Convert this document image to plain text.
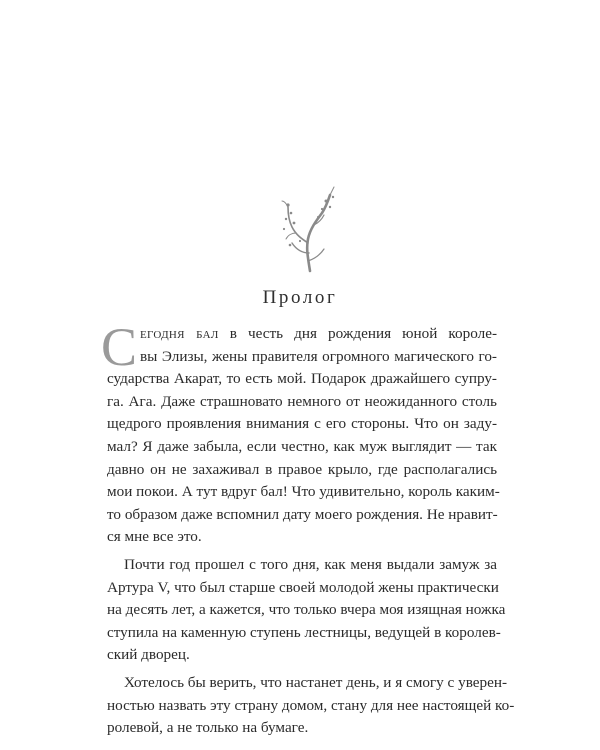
Пролог
С егодня бал в честь дня рождения юной короле-
вы Элизы, жены правителя огромного магического го-
сударства Акарат, то есть мой. Подарок дражайшего супру-
га. Ага. Даже страшновато немного от неожиданного столь
щедрого проявления внимания с его стороны. Что он заду-
мал? Я даже забыла, если честно, как муж выглядит — так
давно он не захаживал в правое крыло, где располагались
мои покои. А тут вдруг бал! Что удивительно, король каким-
то образом даже вспомнил дату моего рождения. Не нравит-
ся мне все это.
Почти год прошел с того дня, как меня выдали замуж за
Артура V, что был старше своей молодой жены практически
на десять лет, а кажется, что только вчера моя изящная ножка
ступила на каменную ступень лестницы, ведущей в королев-
ский дворец.
Хотелось бы верить, что настанет день, и я смогу с уверен-
ностью назвать эту страну домом, стану для нее настоящей ко-
ролевой, а не только на бумаге.
